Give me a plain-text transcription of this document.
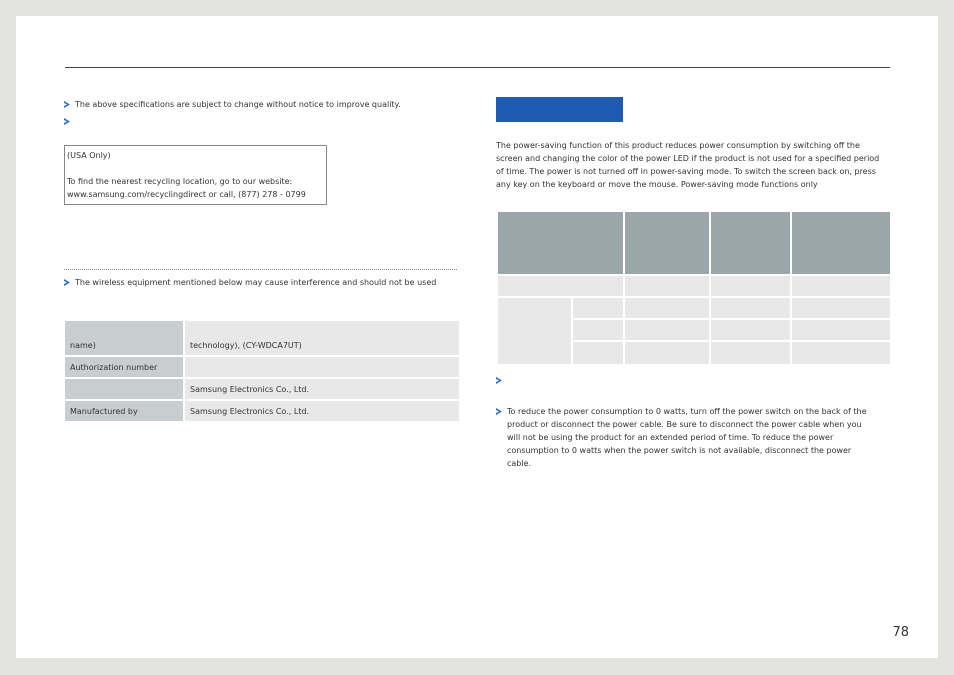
The above specifications are subject to change without notice to improve quality.
(USA Only)
To find the nearest recycling location, go to our website:
www.samsung.com/recyclingdirect or call, (877) 278 - 0799
The wireless equipment mentioned below may cause interference and should not be used
name)	technology), (CY-WDCA7UT)
Authorization number	
	Samsung Electronics Co., Ltd.
Manufactured by	Samsung Electronics Co., Ltd.
The power-saving function of this product reduces power consumption by switching off the screen and changing the color of the power LED if the product is not used for a specified period of time. The power is not turned off in power-saving mode. To switch the screen back on, press any key on the keyboard or move the mouse. Power-saving mode functions only
To reduce the power consumption to 0 watts, turn off the power switch on the back of the product or disconnect the power cable. Be sure to disconnect the power cable when you will not be using the product for an extended period of time. To reduce the power consumption to 0 watts when the power switch is not available, disconnect the power cable.
78
